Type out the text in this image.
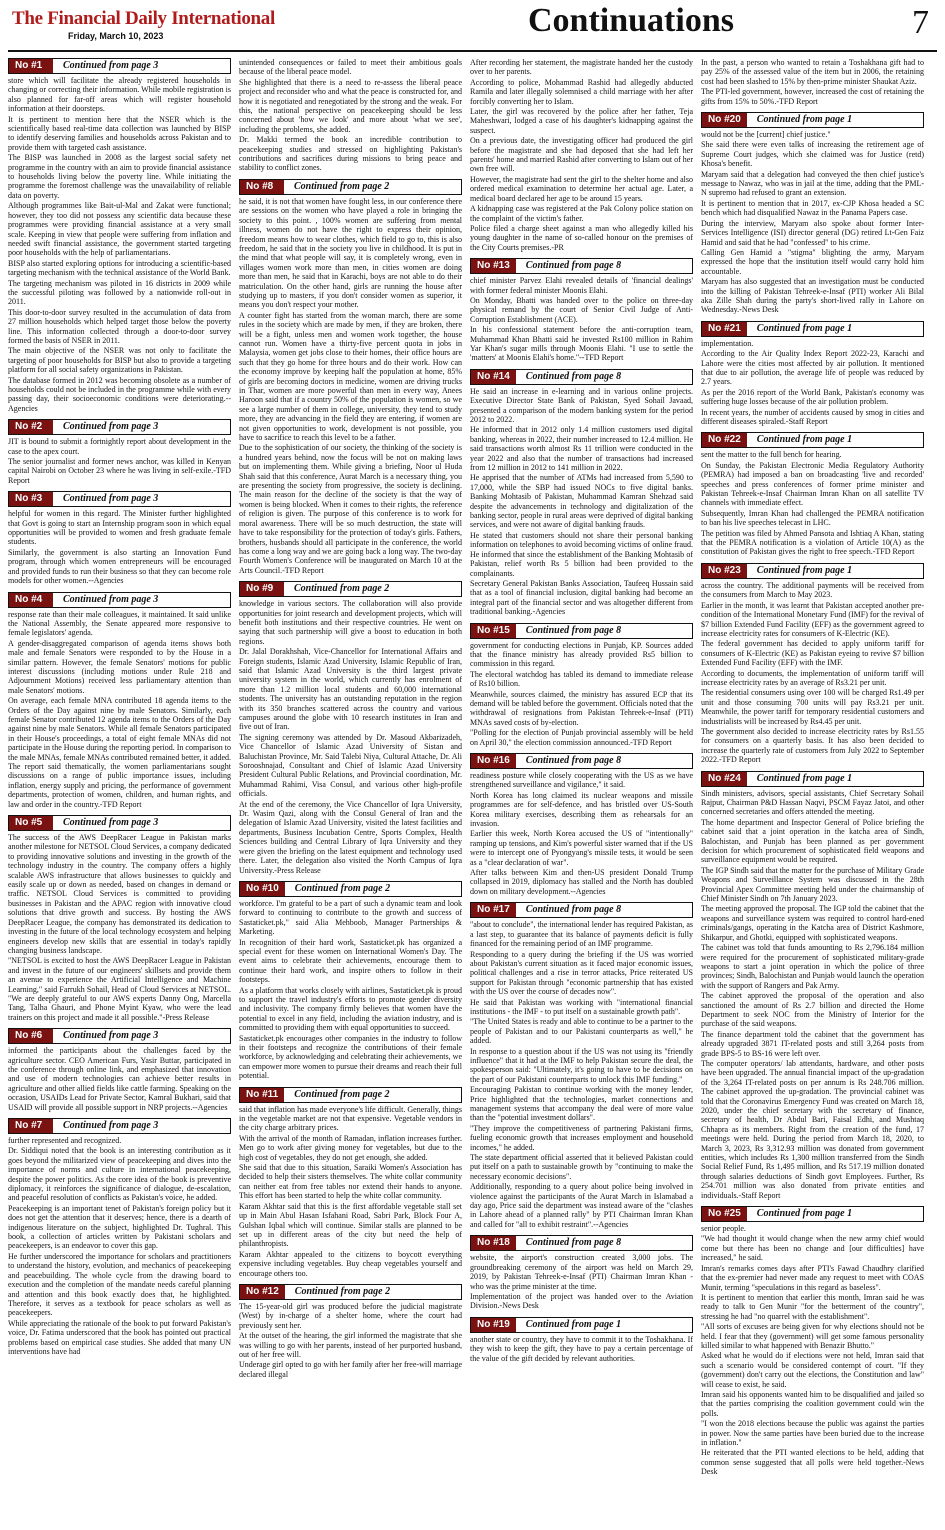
The Financial Daily International
Friday, March 10, 2023	Continuations	7
No #1	Continued from page 3

store which will facilitate the already registered households in changing or correcting their information. While mobile registration is also planned for far-off areas which will register household information at their doorsteps.

It is pertinent to mention here that the NSER which is the scientifically based real-time data collection was launched by BISP to identify deserving families and households across Pakistan and to provide them with targeted cash assistance.

The BISP was launched in 2008 as the largest social safety net programme in the country with an aim to provide financial assistance to households living below the poverty line. While initiating the programme the foremost challenge was the unavailability of reliable data on poverty.

Although programmes like Bait-ul-Mal and Zakat were functional; however, they too did not possess any scientific data because these programmes were providing financial assistance at a very small scale. Keeping in view that people were suffering from inflation and needed swift financial assistance, the government started targeting poor households with the help of parliamentarians.

BISP also started exploring options for introducing a scientific-based targeting mechanism with the technical assistance of the World Bank.

The targeting mechanism was piloted in 16 districts in 2009 while the successful piloting was followed by a nationwide roll-out in 2011.

This door-to-door survey resulted in the accumulation of data from 27 million households which helped target those below the poverty line. This information collected through a door-to-door survey formed the basis of NSER in 2011.

The main objective of the NSER was not only to facilitate the targeting of poor households for BISP but also to provide a targeting platform for all social safety organizations in Pakistan.

The database formed in 2012 was becoming obsolete as a number of households could not be included in the programme while with every passing day, their socioeconomic conditions were deteriorating.--Agencies

No #2	Continued from page 3

JIT is bound to submit a fortnightly report about development in the case to the apex court.

The senior journalist and former news anchor, was killed in Kenyan capital Nairobi on October 23 where he was living in self-exile.-TFD Report

No #3	Continued from page 3

helpful for women in this regard. The Minister further highlighted that Govt is going to start an Internship program soon in which equal opportunities will be provided to women and fresh graduate female students.

Similarly, the government is also starting an Innovation Fund program, through which women entrepreneurs will be encouraged and provided funds to run their business so that they can become role models for other women.--Agencies

No #4	Continued from page 3

response rate than their male colleagues, it maintained. It said unlike the National Assembly, the Senate appeared more responsive to female legislators' agenda.

A gender-disaggregated comparison of agenda items shows both male and female Senators were responded to by the House in a similar pattern. However, the female Senators' motions for public interest discussions (including motions under Rule 218 and Adjournment Motions) received less parliamentary attention than male Senators' motions.

On average, each female MNA contributed 18 agenda items to the Orders of the Day against nine by male Senators. Similarly, each female Senator contributed 12 agenda items to the Orders of the Day against nine by male Senators. While all female Senators participated in their House's proceedings, a total of eight female MNAs did not participate in the House during the reporting period. In comparison to the male MNAs, female MNAs contributed remained better, it added. The report said thematically, the women parliamentarians sought discussions on a range of public importance issues, including inflation, energy supply and pricing, the performance of government departments, protection of women, children, and human rights, and law and order in the country.-TFD Report

No #5	Continued from page 3

The success of the AWS DeepRacer League in Pakistan marks another milestone for NETSOL Cloud Services, a company dedicated to providing innovative solutions and investing in the growth of the technology industry in the country. The company offers a highly scalable AWS infrastructure that allows businesses to quickly and easily scale up or down as needed, based on changes in demand or traffic. NETSOL Cloud Services is committed to providing businesses in Pakistan and the APAC region with innovative cloud solutions that drive growth and success. By hosting the AWS DeepRacer League, the company has demonstrated its dedication to investing in the future of the local technology ecosystem and helping engineers develop new skills that are essential in today's rapidly changing business landscape.

"NETSOL is excited to host the AWS DeepRacer League in Pakistan and invest in the future of our engineers' skillsets and provide them an avenue to experience the Artificial Intelligence and Machine Learning," said Farrukh Sohail, Head of Cloud Services at NETSOL. "We are deeply grateful to our AWS experts Danny Ong, Marcella Tang, Talha Ghauri, and Phone Myint Kyaw, who were the lead trainers on this project and made it all possible."-Press Release

No #6	Continued from page 3

informed the participants about the challenges faced by the agriculture sector. CEO American Furs, Yasir Buttar, participated in the conference through online link, and emphasized that innovation and use of modern technologies can achieve better results in agriculture and other allied fields like cattle farming. Speaking on the occasion, USAIDs Lead for Private Sector, Kamral Bukhari, said that USAID will provide all possible support in NRP projects.--Agencies

No #7	Continued from page 3

further represented and recognized.

Dr. Siddiqui noted that the book is an interesting contribution as it goes beyond the militarized view of peacekeeping and dives into the importance of norms and culture in international peacekeeping, despite the power politics. As the core idea of the book is preventive diplomacy, it reinforces the significance of dialogue, de-escalation, and peaceful resolution of conflicts as Pakistan's voice, he added.

Peacekeeping is an important tenet of Pakistan's foreign policy but it does not get the attention that it deserves; hence, there is a dearth of indigenous literature on the subject, highlighted Dr. Tughral. This book, a collection of articles written by Pakistani scholars and peacekeepers, is an endeavor to cover this gap.

He further underscored the importance for scholars and practitioners to understand the history, evolution, and mechanics of peacekeeping and peacebuilding. The whole cycle from the drawing board to execution and the completion of the mandate needs careful planning and attention and this book exactly does that, he highlighted. Therefore, it serves as a textbook for peace scholars as well as peacekeepers.

While appreciating the rationale of the book to put forward Pakistan's voice, Dr. Fatima underscored that the book has pointed out practical problems based on empirical case studies. She added that many UN interventions have had

unintended consequences or failed to meet their ambitious goals because of the liberal peace model.

She highlighted that there is a need to re-assess the liberal peace project and reconsider who and what the peace is constructed for, and how it is negotiated and renegotiated by the strong and the weak. For this, the national perspective on peacekeeping should be less concerned about 'how we look' and more about 'what we see', including the problems, she added.

Dr. Makki termed the book an incredible contribution to peacekeeping studies and stressed on highlighting Pakistan's contributions and sacrifices during missions to bring peace and stability to conflict zones.

No #8	Continued from page 2

he said, it is not that women have fought less, in our conference there are sessions on the women who have played a role in bringing the society to this point. , 100% women are suffering from mental illness, women do not have the right to express their opinion, freedom means how to wear clothes, which field to go to, this is also freedom, he said that in the society you live in childhood. It is put in the mind that what people will say, it is completely wrong, even in villages women work more than men, in cities women are doing more than men, he said that in Karachi, boys are not able to do their matriculation. On the other hand, girls are running the house after studying up to masters, if you don't consider women as superior, it means you don't respect your mother.

A counter fight has started from the woman march, there are some rules in the society which are made by men, if they are broken, there will be a fight, unless men and women work together, the house cannot run. Women have a thirty-five percent quota in jobs in Malaysia, women get jobs close to their homes, their office hours are such that they go home for three hours and do their work. How can the economy improve by keeping half the population at home, 85% of girls are becoming doctors in medicine, women are driving trucks in Thar, women are more powerful than men in every way, Anees Haroon said that if a country 50% of the population is women, so we see a large number of them in college, university, they tend to study more, they are advancing in the field they are entering, if women are not given opportunities to work, development is not possible, you have to sacrifice to reach this level to be a father.

Due to the sophistication of our society, the thinking of the society is a hundred years behind, now the focus will be not on making laws but on implementing them. While giving a briefing, Noor ul Huda Shah said that this conference, Aurat March is a necessary thing, you are presenting the society from progressive, the society is declining. The main reason for the decline of the society is that the way of women is being blocked. When it comes to their rights, the reference of religion is given. The purpose of this conference is to work for moral awareness. There will be so much destruction, the state will have to take responsibility for the protection of today's girls. Fathers, brothers, husbands should all participate in the conference, the world has come a long way and we are going back a long way. The two-day Fourth Women's Conference will be inaugurated on March 10 at the Arts Council.-TFD Report

No #9	Continued from page 2

knowledge in various sectors. The collaboration will also provide opportunities for joint research and development projects, which will benefit both institutions and their respective countries. He went on saying that such partnership will give a boost to education in both regions.

Dr. Jalal Dorakhshah, Vice-Chancellor for International Affairs and Foreign students, Islamic Azad University, Islamic Republic of Iran, said that Islamic Azad University is the third largest private university system in the world, which currently has enrolment of more than 1.2 million local students and 60,000 international students. The university has an outstanding reputation in the region with its 350 branches scattered across the country and various campuses around the globe with 10 research institutes in Iran and five out of Iran.

The signing ceremony was attended by Dr. Masoud Akbarizadeh, Vice Chancellor of Islamic Azad University of Sistan and Baluchistan Province, Mr. Said Talebi Niya, Cultural Attache, Dr. Ali Sorooshnajad, Consultant and Chief of Islamic Azad University President Cultural Public Relations, and Provincial coordination, Mr. Muhammad Rahimi, Visa Consul, and various other high-profile officials.

At the end of the ceremony, the Vice Chancellor of Iqra University, Dr. Wasim Qazi, along with the Consul General of Iran and the delegation of Islamic Azad University, visited the latest facilities and departments, Business Incubation Centre, Sports Complex, Health Sciences building and Central Library of Iqra University and they were given the briefing on the latest equipment and technology used there. Later, the delegation also visited the North Campus of Iqra University.-Press Release

No #10	Continued from page 2

workforce. I'm grateful to be a part of such a dynamic team and look forward to continuing to contribute to the growth and success of Sastaticket.pk," said Alia Mehboob, Manager Partnerships & Marketing.

In recognition of their hard work, Sastaticket.pk has organized a special event for these women on International Women's Day. The event aims to celebrate their achievements, encourage them to continue their hard work, and inspire others to follow in their footsteps.

As a platform that works closely with airlines, Sastaticket.pk is proud to support the travel industry's efforts to promote gender diversity and inclusivity. The company firmly believes that women have the potential to excel in any field, including the aviation industry, and is committed to providing them with equal opportunities to succeed.

Sastaticket.pk encourages other companies in the industry to follow in their footsteps and recognize the contributions of their female workforce, by acknowledging and celebrating their achievements, we can empower more women to pursue their dreams and reach their full potential.

No #11	Continued from page 2

said that inflation has made everyone's life difficult. Generally, things in the vegetable market are not that expensive. Vegetable vendors in the city charge arbitrary prices.

With the arrival of the month of Ramadan, inflation increases further. Men go to work after giving money for vegetables, but due to the high cost of vegetables, they do not get enough, she added.

She said that due to this situation, Saraiki Women's Association has decided to help their sisters themselves. The white collar community can neither eat from free tables nor extend their hands to anyone. This effort has been started to help the white collar community.

Karam Akhtar said that this is the first affordable vegetable stall set up in Main Abul Hasan Isfahani Road, Sabri Park, Block Four A, Gulshan Iqbal which will continue. Similar stalls are planned to be set up in different areas of the city but need the help of philanthropists.

Karam Akhtar appealed to the citizens to boycott everything expensive including vegetables. Buy cheap vegetables yourself and encourage others too.

No #12	Continued from page 2

The 15-year-old girl was produced before the judicial magistrate (West) by in-charge of a shelter home, where the court had previously sent her.

At the outset of the hearing, the girl informed the magistrate that she was willing to go with her parents, instead of her purported husband, out of her free will.

Underage girl opted to go with her family after her free-will marriage declared illegal

After recording her statement, the magistrate handed her the custody over to her parents.

According to police, Mohammad Rashid had allegedly abducted Ramila and later illegally solemnised a child marriage with her after forcibly converting her to Islam.

Later, the girl was recovered by the police after her father, Teja Maheshwari, lodged a case of his daughter's kidnapping against the suspect.

On a previous date, the investigating officer had produced the girl before the magistrate and she had deposed that she had left her parents' home and married Rashid after converting to Islam out of her own free will.

However, the magistrate had sent the girl to the shelter home and also ordered medical examination to determine her actual age. Later, a medical board declared her age to be around 15 years.

A kidnapping case was registered at the Pak Colony police station on the complaint of the victim's father.

Police filed a charge sheet against a man who allegedly killed his young daughter in the name of so-called honour on the premises of the City Courts premises.-PR

No #13	Continued from page 8

chief minister Parvez Elahi revealed details of 'financial dealings' with former federal minister Moonis Elahi.

On Monday, Bhatti was handed over to the police on three-day physical remand by the court of Senior Civil Judge of Anti-Corruption Establishment (ACE).

In his confessional statement before the anti-corruption team, Muhammad Khan Bhatti said he invested Rs100 million in Rahim Yar Khan's sugar mills through Moonis Elahi. "I use to settle the 'matters' at Moonis Elahi's home."--TFD Report

No #14	Continued from page 8

He said an increase in e-learning and in various online projects. Executive Director State Bank of Pakistan, Syed Sohail Javaad, presented a comparison of the modern banking system for the period 2012 to 2022.

He informed that in 2012 only 1.4 million customers used digital banking, whereas in 2022, their number increased to 12.4 million. He said transactions worth almost Rs 11 trillion were conducted in the year 2022 and also that the number of transactions had increased from 12 million in 2012 to 141 million in 2022.

He apprised that the number of ATMs had increased from 5,590 to 17,000, while the SBP had issued NOCs to five digital banks. Banking Mohtasib of Pakistan, Muhammad Kamran Shehzad said despite the advancements in technology and digitalization of the banking sector, people in rural areas were deprived of digital banking services, and were not aware of digital banking frauds.

He stated that customers should not share their personal banking information on telephones to avoid becoming victims of online fraud. He informed that since the establishment of the Banking Mohtasib of Pakistan, relief worth Rs 5 billion had been provided to the complainants.

Secretary General Pakistan Banks Association, Taufeeq Hussain said that as a tool of financial inclusion, digital banking had become an integral part of the financial sector and was altogether different from traditional banking.-Agencies

No #15	Continued from page 8

government for conducting elections in Punjab, KP. Sources added that the finance ministry has already provided Rs5 billion to commission in this regard.

The electoral watchdog has tabled its demand to immediate release of Rs10 billion.

Meanwhile, sources claimed, the ministry has assured ECP that its demand will be tabled before the government. Officials noted that the withdrawal of resignations from Pakistan Tehreek-e-Insaf (PTI) MNAs saved costs of by-election.

"Polling for the election of Punjab provincial assembly will be held on April 30," the election commission announced.-TFD Report

No #16	Continued from page 8

readiness posture while closely cooperating with the US as we have strengthened surveillance and vigilance," it said.

North Korea has long claimed its nuclear weapons and missile programmes are for self-defence, and has bristled over US-South Korea military exercises, describing them as rehearsals for an invasion.

Earlier this week, North Korea accused the US of "intentionally" ramping up tensions, and Kim's powerful sister warned that if the US were to intercept one of Pyongyang's missile tests, it would be seen as a "clear declaration of war".

After talks between Kim and then-US president Donald Trump collapsed in 2019, diplomacy has stalled and the North has doubled down on military development.--Agencies

No #17	Continued from page 8

"about to conclude", the international lender has required Pakistan, as a last step, to guarantee that its balance of payments deficit is fully financed for the remaining period of an IMF programme.

Responding to a query during the briefing if the US was worried about Pakistan's current situation as it faced major economic issues, political challenges and a rise in terror attacks, Price reiterated US support for Pakistan through "economic partnership that has existed with the US over the course of decades now".

He said that Pakistan was working with "international financial institutions - the IMF - to put itself on a sustainable growth path".

"The United States is ready and able to continue to be a partner to the people of Pakistan and to our Pakistani counterparts as well," he added.

In response to a question about if the US was not using its "friendly influence" that it had at the IMF to help Pakistan secure the deal, the spokesperson said: "Ultimately, it's going to have to be decisions on the part of our Pakistani counterparts to unlock this IMF funding."

Encouraging Pakistan to continue working with the money lender, Price highlighted that the technologies, market connections and management systems that accompany the deal were of more value than the "potential investment dollars".

"They improve the competitiveness of partnering Pakistani firms, fueling economic growth that increases employment and household incomes," he added.

The state department official asserted that it believed Pakistan could put itself on a path to sustainable growth by "continuing to make the necessary economic decisions".

Additionally, responding to a query about police being involved in violence against the participants of the Aurat March in Islamabad a day ago, Price said the department was instead aware of the "clashes in Lahore ahead of a planned rally" by PTI Chairman Imran Khan and called for "all to exhibit restraint".--Agencies

No #18	Continued from page 8

website, the airport's construction created 3,000 jobs. The groundbreaking ceremony of the airport was held on March 29, 2019, by Pakistan Tehreek-e-Insaf (PTI) Chairman Imran Khan - who was the prime minister at the time.

Implementation of the project was handed over to the Aviation Division.-News Desk

No #19	Continued from page 1

another state or country, they have to commit it to the Toshakhana. If they wish to keep the gift, they have to pay a certain percentage of the value of the gift decided by relevant authorities.

In the past, a person who wanted to retain a Toshakhana gift had to pay 25% of the assessed value of the item but in 2006, the retaining cost had been slashed to 15% by then-prime minister Shaukat Aziz.

The PTI-led government, however, increased the cost of retaining the gifts from 15% to 50%.-TFD Report

No #20	Continued from page 1

would not be the [current] chief justice."

She said there were even talks of increasing the retirement age of Supreme Court judges, which she claimed was for Justice (retd) Khosa's benefit.

Maryam said that a delegation had conveyed the then chief justice's message to Nawaz, who was in jail at the time, adding that the PML-N supremo had refused to grant an extension.

It is pertinent to mention that in 2017, ex-CJP Khosa headed a SC bench which had disqualified Nawaz in the Panama Papers case.

During the interview, Maryam also spoke about former Inter-Services Intelligence (ISI) director general (DG) retired Lt-Gen Faiz Hamid and said that he had "confessed" to his crime.

Calling Gen Hamid a "stigma" blighting the army, Maryam expressed the hope that the institution itself would carry hold him accountable.

Maryam has also suggested that an investigation must be conducted into the killing of Pakistan Tehreek-e-Insaf (PTI) worker Ali Bilal aka Zille Shah during the party's short-lived rally in Lahore on Wednesday.-News Desk

No #21	Continued from page 1

implementation.

According to the Air Quality Index Report 2022-23, Karachi and Lahore were the cities most affected by air pollution. It mentioned that due to air pollution, the average life of people was reduced by 2.7 years.

As per the 2016 report of the World Bank, Pakistan's economy was suffering huge losses because of the air pollution problem.

In recent years, the number of accidents caused by smog in cities and different diseases spiraled.-Staff Report

No #22	Continued from page 1

sent the matter to the full bench for hearing.

On Sunday, the Pakistan Electronic Media Regulatory Authority (PEMRA) had imposed a ban on broadcasting 'live and recorded' speeches and press conferences of former prime minister and Pakistan Tehreek-e-Insaf Chairman Imran Khan on all satellite TV channels with immediate effect.

Subsequently, Imran Khan had challenged the PEMRA notification to ban his live speeches telecast in LHC.

The petition was filed by Ahmed Pansota and Ishtiaq A Khan, stating that the PEMRA notification is a violation of Article 10(A) as the constitution of Pakistan gives the right to free speech.-TFD Report

No #23	Continued from page 1

across the country. The additional payments will be received from the consumers from March to May 2023.

Earlier in the month, it was learnt that Pakistan accepted another pre-condition of the International Monetary Fund (IMF) for the revival of $7 billion Extended Fund Facility (EFF) as the government agreed to increase electricity rates for consumers of K-Electric (KE).

The federal government has decided to apply uniform tariff for consumers of K-Electric (KE) as Pakistan eyeing to revive $7 billion Extended Fund Facility (EFF) with the IMF.

According to documents, the implementation of uniform tariff will increase electricity rates by an average of Rs3.21 per unit.

The residential consumers using over 100 will be charged Rs1.49 per unit and those consuming 700 units will pay Rs3.21 per unit. Meanwhile, the power tariff for temporary residential customers and industrialists will be increased by Rs4.45 per unit.

The government also decided to increase electricity rates by Rs1.55 for consumers on a quarterly basis. It has also been decided to increase the quarterly rate of customers from July 2022 to September 2022.-TFD Report

No #24	Continued from page 1

Sindh ministers, advisors, special assistants, Chief Secretary Sohail Rajput, Chairman P&D Hassan Naqvi, PSCM Fayaz Jatoi, and other concerned secretaries and offers attended the meeting.

The home department and Inspector General of Police briefing the cabinet said that a joint operation in the katcha area of Sindh, Balochistan, and Punjab has been planned as per government decision for which procurement of sophisticated field weapons and surveillance equipment would be required.

The IGP Sindh said that the matter for the purchase of Military Grade Weapons and Surveillance System was discussed in the 28th Provincial Apex Committee meeting held under the chairmanship of Chief Minister Sindh on 7th January 2023.

The meeting approved the proposal. The IGP told the cabinet that the weapons and surveillance system was required to control hard-ened criminals/gangs, operating in the Katcha area of District Kashmore, Shikarpur, and Ghotki, equipped with sophisticated weapons.

The cabinet was told that funds amounting to Rs 2,796.184 million were required for the procurement of sophisticated military-grade weapons to start a joint operation in which the police of three provinces; Sindh, Balochistan and Punjab would launch the operation with the support of Rangers and Pak Army.

The cabinet approved the proposal of the operation and also sanctioned the amount of Rs 2.7 billion and directed the Home Department to seek NOC from the Ministry of Interior for the purchase of the said weapons.

The finance department told the cabinet that the government has already upgraded 3871 IT-related posts and still 3,264 posts from grade BPS-5 to BS-16 were left over.

The computer operators/ lab attendants, hardware, and other posts have been upgraded. The annual financial impact of the up-gradation of the 3,264 IT-related posts on per annum is Rs 248.706 million. The cabinet approved the up-gradation. The provincial cabinet was told that the Coronavirus Emergency Fund was created on March 18, 2020, under the chief secretary with the secretary of finance, secretary of health, Dr Abdul Bari, Faisal Edhi, and Mushtaq Chhapra as its members. Right from the creation of the fund, 17 meetings were held. During the period from March 18, 2020, to March 3, 2023, Rs 3,312.93 million was donated from government entities, which includes Rs 1,300 million transferred from the Sindh Social Relief Fund, Rs 1,495 million, and Rs 517.19 million donated through salaries deductions of Sindh govt Employees. Further, Rs 254.701 million was also donated from private entities and individuals.-Staff Report

No #25	Continued from page 1

senior people.

"We had thought it would change when the new army chief would come but there has been no change and [our difficulties] have increased," he said.

Imran's remarks comes days after PTI's Fawad Chaudhry clarified that the ex-premier had never made any request to meet with COAS Munir, terming "speculations in this regard as baseless".

It is pertinent to mention that earlier this month, Imran said he was ready to talk to Gen Munir "for the betterment of the country", stressing he had "no quarrel with the establishment".

"All sorts of excuses are being given for why elections should not be held. I fear that they (government) will get some famous personality killed similar to what happened with Benazir Bhutto."

Asked what he would do if elections were not held, Imran said that such a scenario would be considered contempt of court. "If they (government) don't carry out the elections, the Constitution and law" will cease to exist, he said.

Imran said his opponents wanted him to be disqualified and jailed so that the parties comprising the coalition government could win the polls.

"I won the 2018 elections because the public was against the parties in power. Now the same parties have been buried due to the increase in inflation."

He reiterated that the PTI wanted elections to be held, adding that common sense suggested that all polls were held together.-News Desk
